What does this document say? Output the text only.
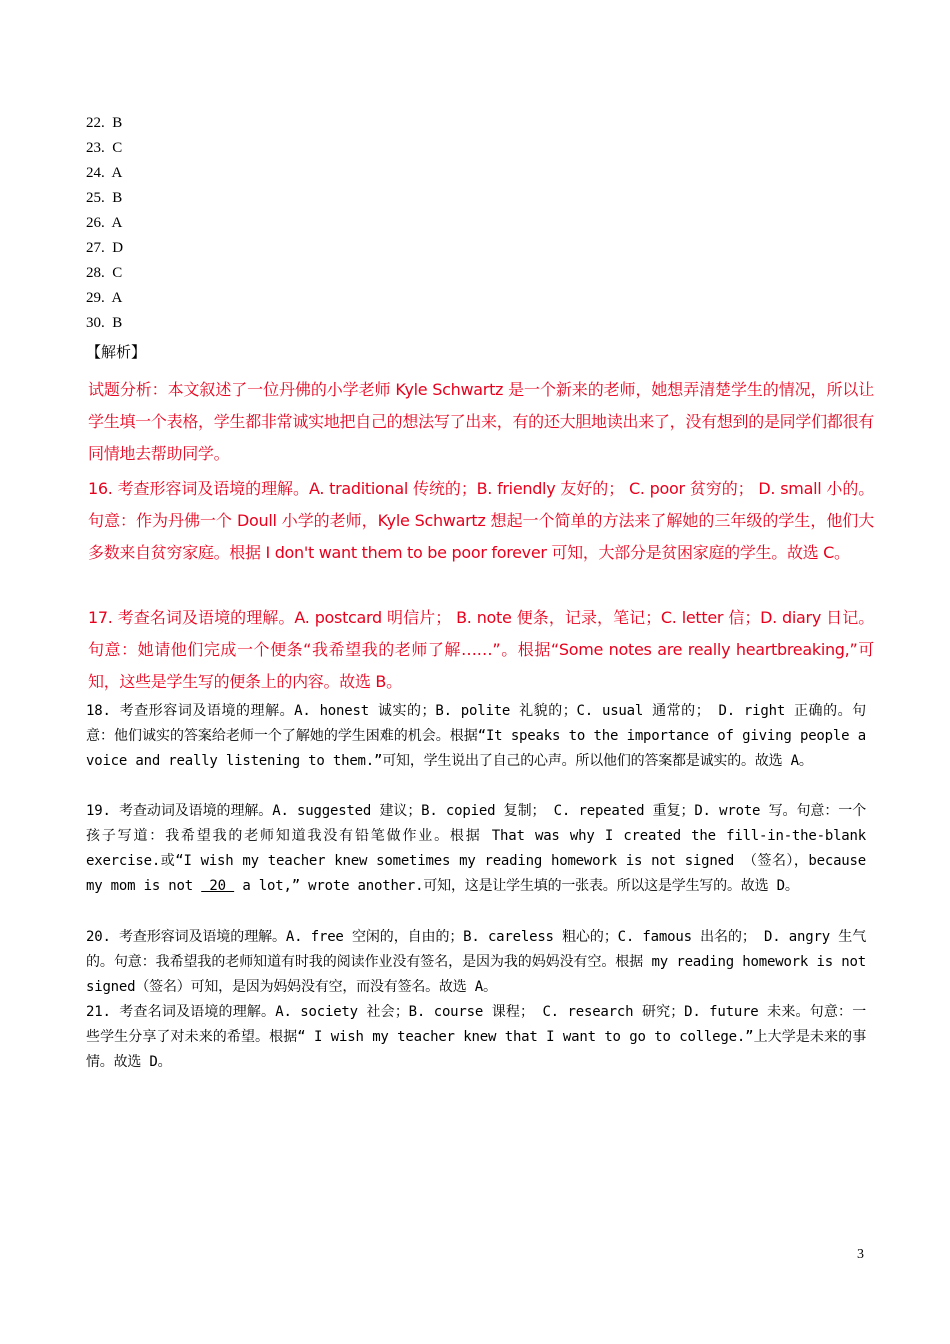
22. B
23. C
24. A
25. B
26. A
27. D
28. C
29. A
30. B
【解析】
试题分析：本文叙述了一位丹佛的小学老师 Kyle Schwartz 是一个新来的老师，她想弄清楚学生的情况，所以让学生填一个表格，学生都非常诚实地把自己的想法写了出来，有的还大胆地读出来了，没有想到的是同学们都很有同情地去帮助同学。
16. 考查形容词及语境的理解。A. traditional 传统的；B. friendly 友好的； C. poor 贫穷的； D. small 小的。句意：作为丹佛一个 Doull 小学的老师，Kyle Schwartz 想起一个简单的方法来了解她的三年级的学生，他们大多数来自贫穷家庭。根据 I don't want them to be poor forever 可知，大部分是贫困家庭的学生。故选 C。
17. 考查名词及语境的理解。A. postcard 明信片； B. note 便条，记录，笔记；C. letter 信；D. diary 日记。句意：她请他们完成一个便条“我希望我的老师了解……”。根据“Some notes are really heartbreaking,”可知，这些是学生写的便条上的内容。故选 B。
18. 考查形容词及语境的理解。A. honest 诚实的；B. polite 礼貌的；C. usual 通常的； D. right 正确的。句意：他们诚实的答案给老师一个了解她的学生困难的机会。根据“It speaks to the importance of giving people a voice and really listening to them.”可知，学生说出了自己的心声。所以他们的答案都是诚实的。故选 A。
19. 考查动词及语境的理解。A. suggested 建议；B. copied 复制； C. repeated 重复；D. wrote 写。句意：一个孩子写道：我希望我的老师知道我没有铅笔做作业。根据 That was why I created the fill-in-the-blank exercise.或“I wish my teacher knew sometimes my reading homework is not signed （签名），because my mom is not  20  a lot,” wrote another.可知，这是让学生填的一张表。所以这是学生写的。故选 D。
20. 考查形容词及语境的理解。A. free 空闲的，自由的；B. careless 粗心的；C. famous 出名的； D. angry 生气的。句意：我希望我的老师知道有时我的阅读作业没有签名，是因为我的妈妈没有空。根据 my reading homework is not signed（签名）可知，是因为妈妈没有空，而没有签名。故选 A。
21. 考查名词及语境的理解。A. society 社会；B. course 课程； C. research 研究；D. future 未来。句意：一些学生分享了对未来的希望。根据“ I wish my teacher knew that I want to go to college.”上大学是未来的事情。故选 D。
3
